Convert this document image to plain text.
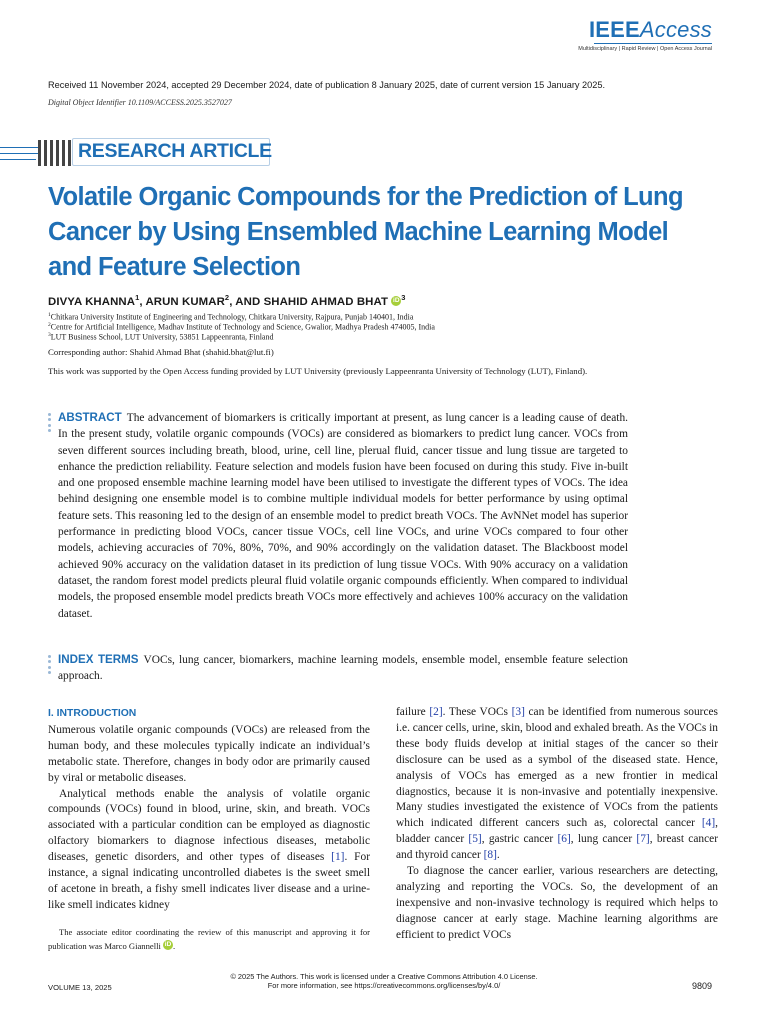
IEEEAccess
Multidisciplinary | Rapid Review | Open Access Journal
Received 11 November 2024, accepted 29 December 2024, date of publication 8 January 2025, date of current version 15 January 2025.
Digital Object Identifier 10.1109/ACCESS.2025.3527027
RESEARCH ARTICLE
Volatile Organic Compounds for the Prediction of Lung Cancer by Using Ensembled Machine Learning Model and Feature Selection
DIVYA KHANNA$^1$, ARUN KUMAR$^2$, AND SHAHID AHMAD BHAT iD $^3$
$^1$Chitkara University Institute of Engineering and Technology, Chitkara University, Rajpura, Punjab 140401, India
$^2$Centre for Artificial Intelligence, Madhav Institute of Technology and Science, Gwalior, Madhya Pradesh 474005, India
$^3$LUT Business School, LUT University, 53851 Lappeenranta, Finland
Corresponding author: Shahid Ahmad Bhat (shahid.bhat@lut.fi)
This work was supported by the Open Access funding provided by LUT University (previously Lappeenranta University of Technology (LUT), Finland).
ABSTRACT The advancement of biomarkers is critically important at present, as lung cancer is a leading cause of death. In the present study, volatile organic compounds (VOCs) are considered as biomarkers to predict lung cancer. VOCs from seven different sources including breath, blood, urine, cell line, plerual fluid, cancer tissue and lung tissue are targeted to enhance the prediction reliability. Feature selection and models fusion have been focused on during this study. Five in-built and one proposed ensemble machine learning model have been utilised to investigate the different types of VOCs. The idea behind designing one ensemble model is to combine multiple individual models for better performance by using optimal feature sets. This reasoning led to the design of an ensemble model to predict breath VOCs. The AvNNet model has superior performance in predicting blood VOCs, cancer tissue VOCs, cell line VOCs, and urine VOCs compared to four other models, achieving accuracies of 70%, 80%, 70%, and 90% accordingly on the validation dataset. The Blackboost model achieved 90% accuracy on the validation dataset in its prediction of lung tissue VOCs. With 90% accuracy on a validation dataset, the random forest model predicts pleural fluid volatile organic compounds efficiently. When compared to individual models, the proposed ensemble model predicts breath VOCs more effectively and achieves 100% accuracy on the validation dataset.
INDEX TERMS VOCs, lung cancer, biomarkers, machine learning models, ensemble model, ensemble feature selection approach.
I. INTRODUCTION

Numerous volatile organic compounds (VOCs) are released from the human body, and these molecules typically indicate an individual’s metabolic state. Therefore, changes in body odor are primarily caused by viral or metabolic diseases.

Analytical methods enable the analysis of volatile organic compounds (VOCs) found in blood, urine, skin, and breath. VOCs associated with a particular condition can be employed as diagnostic olfactory biomarkers to diagnose infectious diseases, metabolic diseases, genetic disorders, and other types of diseases [1]. For instance, a signal indicating uncontrolled diabetes is the sweet smell of acetone in breath, a fishy smell indicates liver disease and a urine-like smell indicates kidney

The associate editor coordinating the review of this manuscript and approving it for publication was Marco Giannelli iD .

failure [2]. These VOCs [3] can be identified from numerous sources i.e. cancer cells, urine, skin, blood and exhaled breath. As the VOCs in these body fluids develop at initial stages of the cancer so their disclosure can be used as a symbol of the diseased state. Hence, analysis of VOCs has emerged as a new frontier in medical diagnostics, because it is non-invasive and potentially inexpensive. Many studies investigated the existence of VOCs from the patients which indicated different cancers such as, colorectal cancer [4], bladder cancer [5], gastric cancer [6], lung cancer [7], breast cancer and thyroid cancer [8].

To diagnose the cancer earlier, various researchers are detecting, analyzing and reporting the VOCs. So, the development of an inexpensive and non-invasive technology is required which helps to diagnose cancer at early stage. Machine learning algorithms are efficient to predict VOCs

© 2025 The Authors. This work is licensed under a Creative Commons Attribution 4.0 License.
For more information, see https://creativecommons.org/licenses/by/4.0/
VOLUME 13, 2025	9809
